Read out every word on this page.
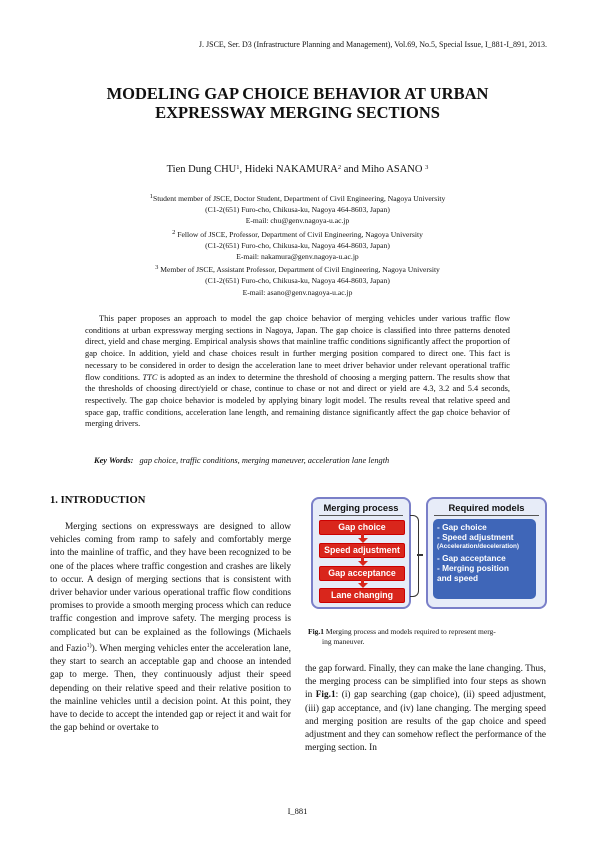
J. JSCE, Ser. D3 (Infrastructure Planning and Management), Vol.69, No.5, Special Issue, I_881-I_891, 2013.
MODELING GAP CHOICE BEHAVIOR AT URBAN
EXPRESSWAY MERGING SECTIONS
Tien Dung CHU$^1$, Hideki NAKAMURA$^2$ and Miho ASANO $^3$
1Student member of JSCE, Doctor Student, Department of Civil Engineering, Nagoya University
(C1-2(651) Furo-cho, Chikusa-ku, Nagoya 464-8603, Japan)
E-mail: chu@genv.nagoya-u.ac.jp
2 Fellow of JSCE, Professor, Department of Civil Engineering, Nagoya University
(C1-2(651) Furo-cho, Chikusa-ku, Nagoya 464-8603, Japan)
E-mail: nakamura@genv.nagoya-u.ac.jp
3 Member of JSCE, Assistant Professor, Department of Civil Engineering, Nagoya University
(C1-2(651) Furo-cho, Chikusa-ku, Nagoya 464-8603, Japan)
E-mail: asano@genv.nagoya-u.ac.jp

This paper proposes an approach to model the gap choice behavior of merging vehicles under various traffic flow conditions at urban expressway merging sections in Nagoya, Japan. The gap choice is classified into three patterns denoted direct, yield and chase merging. Empirical analysis shows that mainline traffic conditions significantly affect the proportion of gap choice. In addition, yield and chase choices result in further merging position compared to direct one. This fact is necessary to be considered in order to design the acceleration lane to meet driver behavior under relevant operational traffic flow conditions. TTC is adopted as an index to determine the threshold of choosing a merging pattern. The results show that the thresholds of choosing direct/yield or chase, continue to chase or not and direct or yield are 4.3, 3.2 and 5.4 seconds, respectively. The gap choice behavior is modeled by applying binary logit model. The results reveal that relative speed and space gap, traffic conditions, acceleration lane length, and remaining distance significantly affect the gap choice behavior of merging drivers.

Key Words: gap choice, traffic conditions, merging maneuver, acceleration lane length
1. INTRODUCTION

Merging sections on expressways are designed to allow vehicles coming from ramp to safely and comfortably merge into the mainline of traffic, and they have been recognized to be one of the places where traffic congestion and crashes are likely to occur. A design of merging sections that is consistent with driver behavior under various operational traffic flow conditions promises to provide a smooth merging process which can reduce traffic congestion and improve safety. The merging process is complicated but can be explained as the followings (Michaels and Fazio$^{1)}$). When merging vehicles enter the acceleration lane, they start to search an acceptable gap and choose an intended gap to merge. Then, they continuously adjust their speed depending on their relative speed and their relative position to the mainline vehicles until a decision point. At this point, they have to decide to accept the intended gap or reject it and wait for the gap behind or overtake to

the gap forward. Finally, they can make the lane changing. Thus, the merging process can be simplified into four steps as shown in Fig.1: (i) gap searching (gap choice), (ii) speed adjustment, (iii) gap acceptance, and (iv) lane changing. The merging speed and merging position are results of the gap choice and speed adjustment and they can somehow reflect the performance of the merging section. In

Merging process
Gap choice
Speed adjustment
Gap acceptance
Lane changing
Required models
- Gap choice
- Speed adjustment
(Acceleration/deceleration)
- Gap acceptance
- Merging position
and speed
Fig.1 Merging process and models required to represent merg-
ing maneuver.
I_881
